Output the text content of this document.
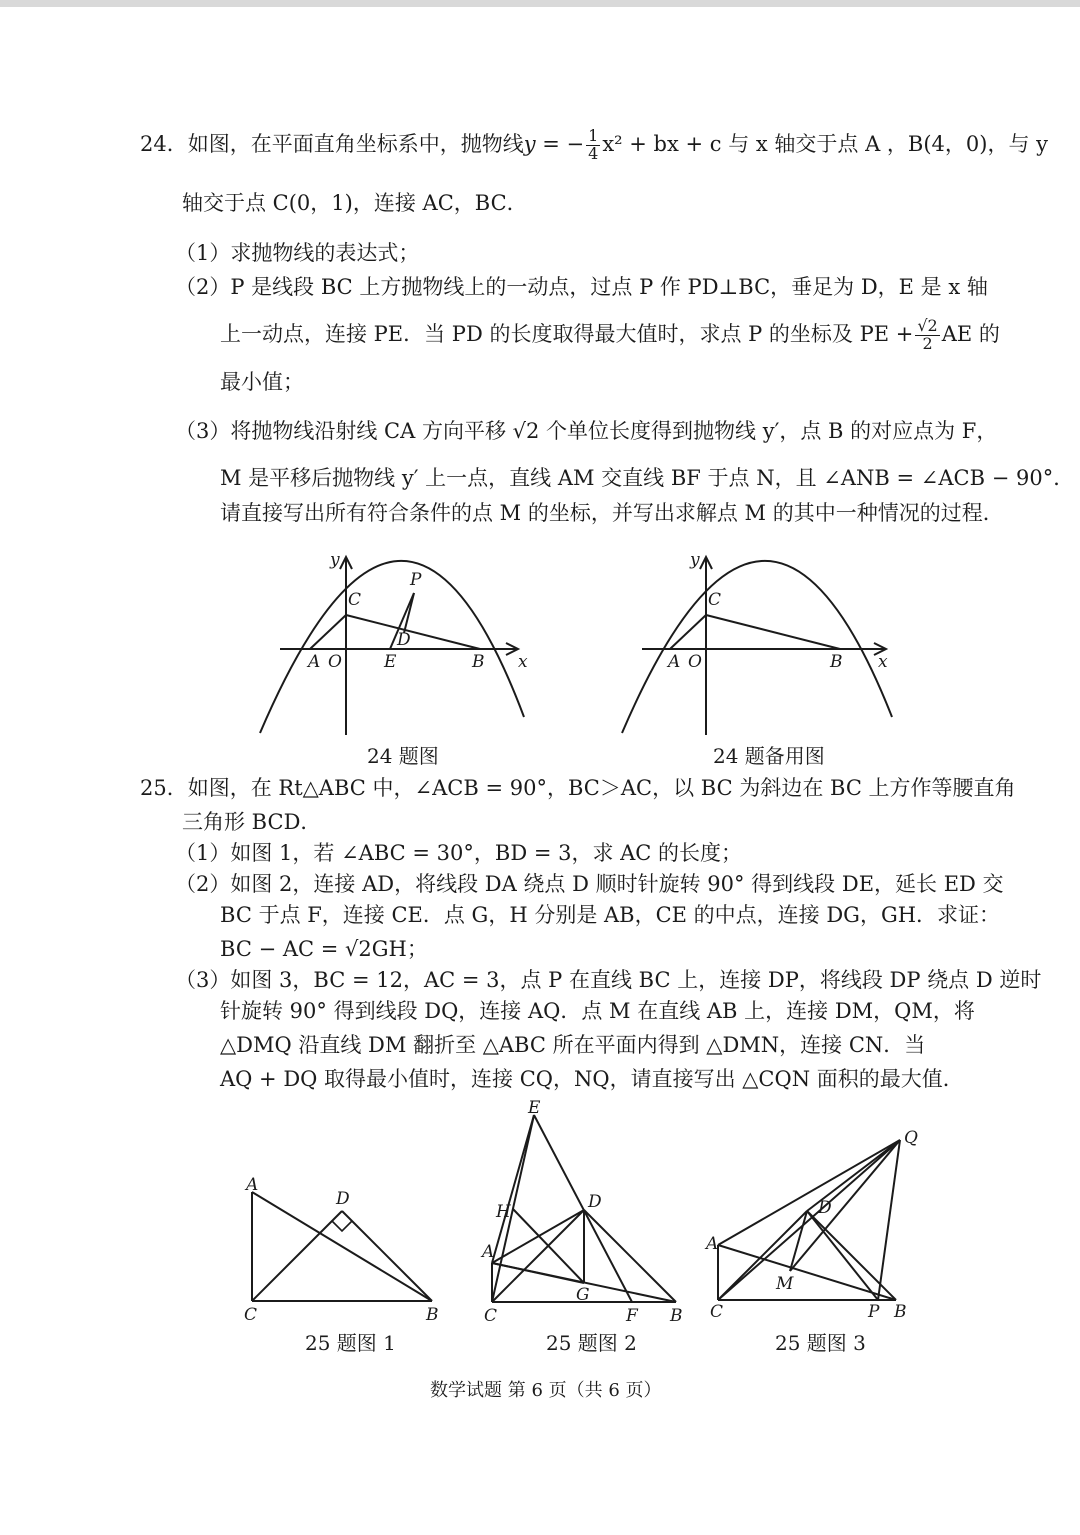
24．如图，在平面直角坐标系中，抛物线y = − $\frac{1}{4} x^2$ + bx + c 与 x 轴交于点 A ，B(4，0)，与 y
轴交于点 C(0，1)，连接 AC，BC．
（1）求抛物线的表达式；
（2）P 是线段 BC 上方抛物线上的一动点，过点 P 作 PD⊥BC，垂足为 D，E 是 x 轴
上一动点，连接 PE．当 PD 的长度取得最大值时，求点 P 的坐标及 PE + $\frac{√2}{2}$ AE 的
最小值；
（3）将抛物线沿射线 CA 方向平移 √2 个单位长度得到抛物线 y′，点 B 的对应点为 F，
M 是平移后抛物线 y′ 上一点，直线 AM 交直线 BF 于点 N，且 ∠ANB = ∠ACB − 90°．
请直接写出所有符合条件的点 M 的坐标，并写出求解点 M 的其中一种情况的过程．
y
C
P
D
A O E	B x
24 题图
y
C
A O	B x
24 题备用图
25．如图，在 Rt△ABC 中，∠ACB = 90°，BC＞AC，以 BC 为斜边在 BC 上方作等腰直角
三角形 BCD．
（1）如图 1，若 ∠ABC = 30°，BD = 3，求 AC 的长度；
（2）如图 2，连接 AD，将线段 DA 绕点 D 顺时针旋转 90° 得到线段 DE，延长 ED 交
BC 于点 F，连接 CE．点 G，H 分别是 AB，CE 的中点，连接 DG，GH．求证：
BC − AC = √2GH；
（3）如图 3，BC = 12，AC = 3，点 P 在直线 BC 上，连接 DP，将线段 DP 绕点 D 逆时
针旋转 90° 得到线段 DQ，连接 AQ．点 M 在直线 AB 上，连接 DM，QM，将
△DMQ 沿直线 DM 翻折至 △ABC 所在平面内得到 △DMN，连接 CN．当
AQ + DQ 取得最小值时，连接 CQ，NQ，请直接写出 △CQN 面积的最大值．
A
D
C	B
25 题图 1
E
H	D
A
G
C	F B
25 题图 2
Q
D
A
M
C	P B
25 题图 3
数学试题 第 6 页（共 6 页）
